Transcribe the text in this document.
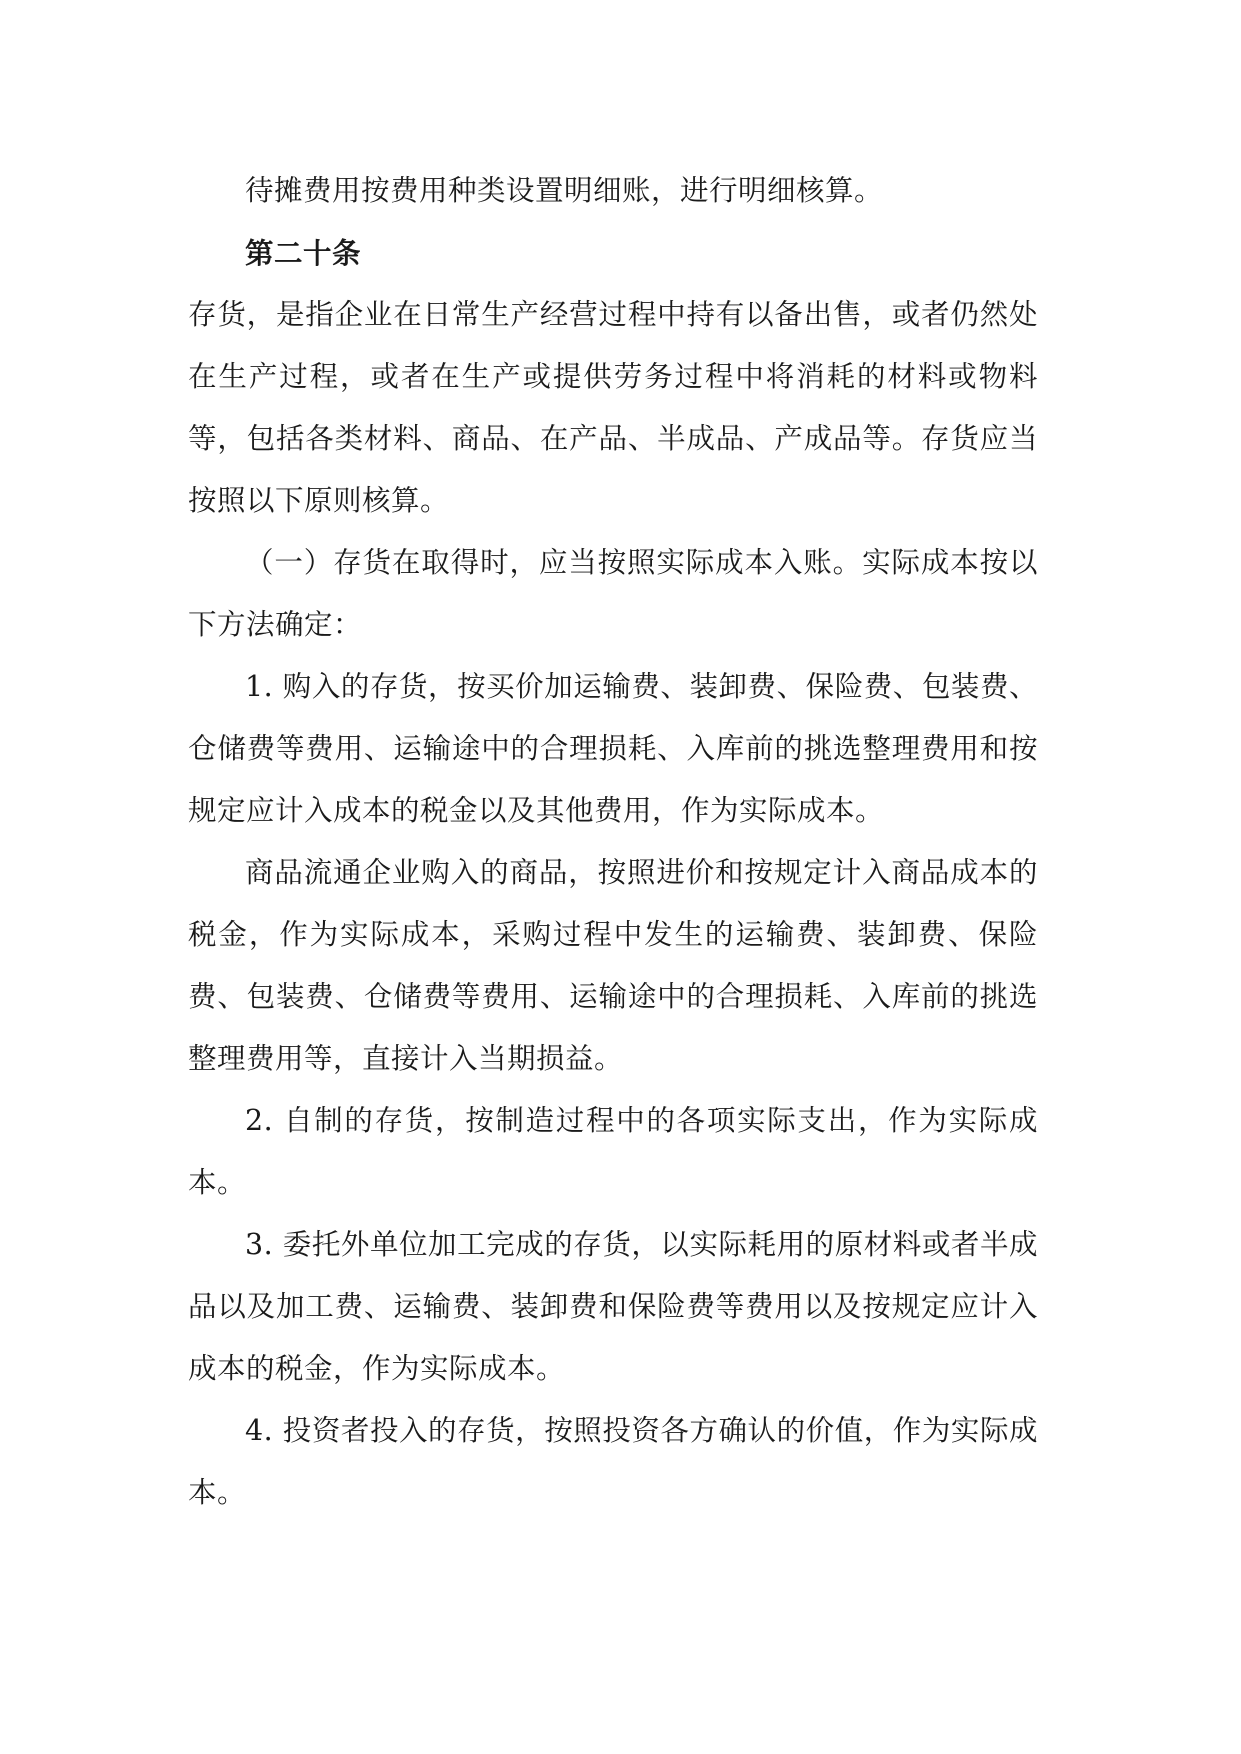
待摊费用按费用种类设置明细账，进行明细核算。

第二十条

存货，是指企业在日常生产经营过程中持有以备出售，或者仍然处在生产过程，或者在生产或提供劳务过程中将消耗的材料或物料等，包括各类材料、商品、在产品、半成品、产成品等。存货应当按照以下原则核算。

（一）存货在取得时，应当按照实际成本入账。实际成本按以下方法确定：

1. 购入的存货，按买价加运输费、装卸费、保险费、包装费、仓储费等费用、运输途中的合理损耗、入库前的挑选整理费用和按规定应计入成本的税金以及其他费用，作为实际成本。

商品流通企业购入的商品，按照进价和按规定计入商品成本的税金，作为实际成本，采购过程中发生的运输费、装卸费、保险费、包装费、仓储费等费用、运输途中的合理损耗、入库前的挑选整理费用等，直接计入当期损益。

2. 自制的存货，按制造过程中的各项实际支出，作为实际成本。

3. 委托外单位加工完成的存货，以实际耗用的原材料或者半成品以及加工费、运输费、装卸费和保险费等费用以及按规定应计入成本的税金，作为实际成本。

4. 投资者投入的存货，按照投资各方确认的价值，作为实际成本。
